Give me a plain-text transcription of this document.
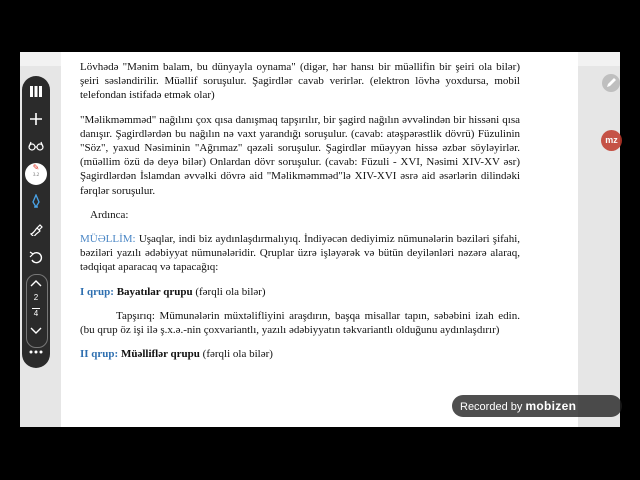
Lövhədə "Mənim balam, bu dünyayla oynama" (digər, hər hansı bir müəllifin bir şeiri ola bilər) şeiri səsləndirilir. Müəllif soruşulur. Şagirdlər cavab verirlər. (elektron lövhə yoxdursa, mobil telefondan istifadə etmək olar)

"Məlikməmməd" nağılını çox qısa danışmaq tapşırılır, bir şagird nağılın əvvəlindən bir hissəni qısa danışır. Şagirdlərdən bu nağılın nə vaxt yarandığı soruşulur. (cavab: atəşpərəstlik dövrü) Füzulinin "Söz", yaxud Nəsiminin "Ağrımaz" qəzəli soruşulur. Şagirdlər müəyyən hissə əzbər söyləyirlər. (müəllim özü də deyə bilər) Onlardan dövr soruşulur. (cavab: Füzuli - XVI, Nəsimi XIV-XV əsr) Şagirdlərdən İslamdan əvvəlki dövrə aid "Məlikməmməd"lə XIV-XVI əsrə aid əsərlərin dilindəki fərqlər soruşulur.

Ardınca:

MÜƏLLİM: Uşaqlar, indi biz aydınlaşdırmalıyıq. İndiyəcən dediyimiz nümunələrin bəziləri şifahi, bəziləri yazılı ədəbiyyat nümunələridir. Qruplar üzrə işləyərək və bütün deyilənləri nəzərə alaraq, tədqiqat aparacaq və tapacağıq:

I qrup: Bayatılar qrupu (fərqli ola bilər)

Tapşırıq: Mümunələrin müxtəlifliyini araşdırın, başqa misallar tapın, səbəbini izah edin. (bu qrup öz işi ilə ş.x.ə.-nin çoxvariantlı, yazılı ədəbiyyatın təkvariantlı olduğunu aydınlaşdırır)

II qrup: Müəlliflər qrupu (fərqli ola bilər)

✎
3.2
2
4
mz
Recorded by mobizen
